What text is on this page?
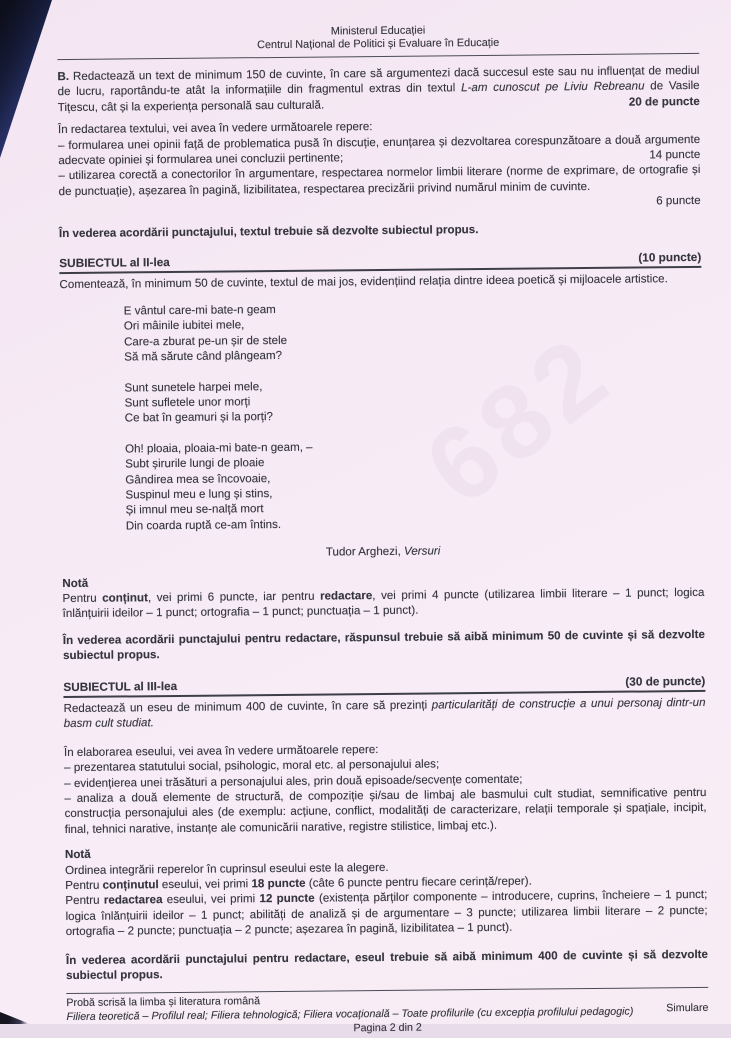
682
Ministerul Educației
Centrul Național de Politici și Evaluare în Educație

B. Redactează un text de minimum 150 de cuvinte, în care să argumentezi dacă succesul este sau nu influențat de mediul de lucru, raportându-te atât la informațiile din fragmentul extras din textul L-am cunoscut pe Liviu Rebreanu de Vasile Tițescu, cât și la experiența personală sau culturală.	20 de puncte

În redactarea textului, vei avea în vedere următoarele repere:

– formularea unei opinii față de problematica pusă în discuție, enunțarea și dezvoltarea corespunzătoare a două argumente adecvate opiniei și formularea unei concluzii pertinente;	14 puncte

– utilizarea corectă a conectorilor în argumentare, respectarea normelor limbii literare (norme de exprimare, de ortografie și de punctuație), așezarea în pagină, lizibilitatea, respectarea precizării privind numărul minim de cuvinte.

6 puncte

În vederea acordării punctajului, textul trebuie să dezvolte subiectul propus.

SUBIECTUL al II-lea	(10 puncte)

Comentează, în minimum 50 de cuvinte, textul de mai jos, evidențiind relația dintre ideea poetică și mijloacele artistice.

E vântul care-mi bate-n geam
Ori mâinile iubitei mele,
Care-a zburat pe-un șir de stele
Să mă sărute când plângeam?
Sunt sunetele harpei mele,
Sunt sufletele unor morți
Ce bat în geamuri și la porți?
Oh! ploaia, ploaia-mi bate-n geam, –
Subt șirurile lungi de ploaie
Gândirea mea se încovoaie,
Suspinul meu e lung și stins,
Și imnul meu se-nalță mort
Din coarda ruptă ce-am întins.
Tudor Arghezi, Versuri
Notă

Pentru conținut, vei primi 6 puncte, iar pentru redactare, vei primi 4 puncte (utilizarea limbii literare – 1 punct; logica înlănțuirii ideilor – 1 punct; ortografia – 1 punct; punctuația – 1 punct).

În vederea acordării punctajului pentru redactare, răspunsul trebuie să aibă minimum 50 de cuvinte și să dezvolte subiectul propus.

SUBIECTUL al III-lea	(30 de puncte)

Redactează un eseu de minimum 400 de cuvinte, în care să prezinți particularități de construcție a unui personaj dintr-un basm cult studiat.

În elaborarea eseului, vei avea în vedere următoarele repere:

– prezentarea statutului social, psihologic, moral etc. al personajului ales;

– evidențierea unei trăsături a personajului ales, prin două episoade/secvențe comentate;

– analiza a două elemente de structură, de compoziție și/sau de limbaj ale basmului cult studiat, semnificative pentru construcția personajului ales (de exemplu: acțiune, conflict, modalități de caracterizare, relații temporale și spațiale, incipit, final, tehnici narative, instanțe ale comunicării narative, registre stilistice, limbaj etc.).

Notă

Ordinea integrării reperelor în cuprinsul eseului este la alegere.

Pentru conținutul eseului, vei primi 18 puncte (câte 6 puncte pentru fiecare cerință/reper).

Pentru redactarea eseului, vei primi 12 puncte (existența părților componente – introducere, cuprins, încheiere – 1 punct; logica înlănțuirii ideilor – 1 punct; abilități de analiză și de argumentare – 3 puncte; utilizarea limbii literare – 2 puncte; ortografia – 2 puncte; punctuația – 2 puncte; așezarea în pagină, lizibilitatea – 1 punct).

În vederea acordării punctajului pentru redactare, eseul trebuie să aibă minimum 400 de cuvinte și să dezvolte subiectul propus.

Probă scrisă la limba și literatura română	Simulare
Filiera teoretică – Profilul real; Filiera tehnologică; Filiera vocațională – Toate profilurile (cu excepția profilului pedagogic)
Pagina 2 din 2
